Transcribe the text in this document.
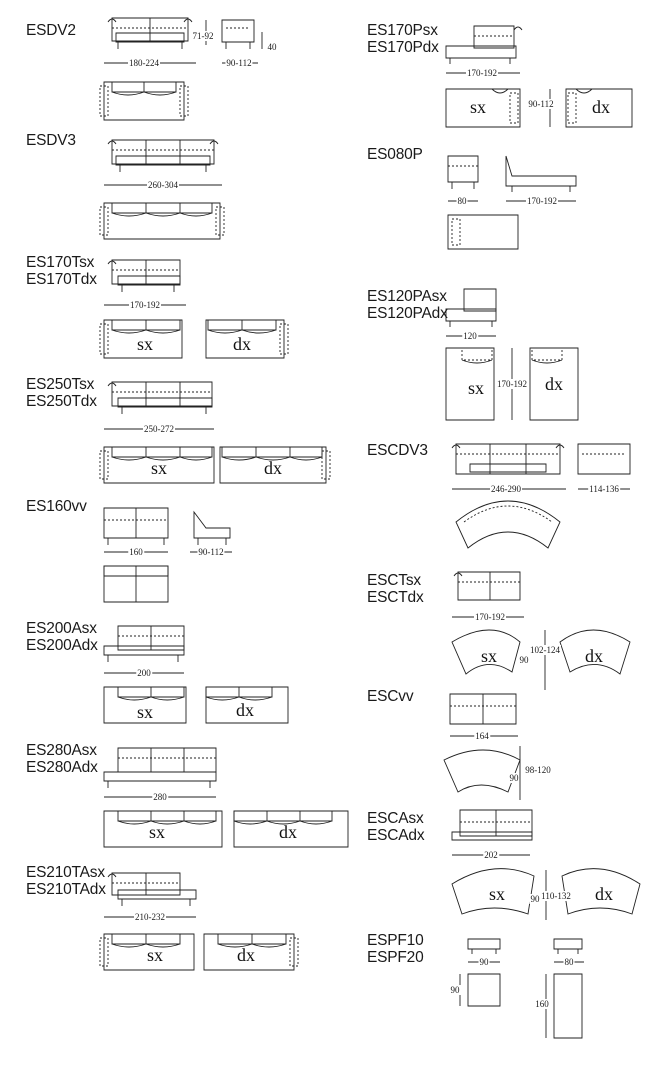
ESDV2
ESDV3
ES170Tsx
ES170Tdx
ES250Tsx
ES250Tdx
ES160vv
ES200Asx
ES200Adx
ES280Asx
ES280Adx
ES210TAsx
ES210TAdx
ES170Psx
ES170Pdx
ES080P
ES120PAsx
ES120PAdx
ESCDV3
ESCTsx
ESCTdx
ESCvv
ESCAsx
ESCAdx
ESPF10
ESPF20
71-92
40
180-224	90-112
260-304
170-192
sx	dx
250-272
sx	dx
160	90-112
200
sx	dx
280
sx	dx
210-232
sx	dx
170-192
90-112
sx	dx
80	170-192
120
170-192
sx	dx
246-290	114-136
170-192
90
102-124
sx	dx
164
90
98-120
202
90 110-132
sx	dx
90	80
90
160
